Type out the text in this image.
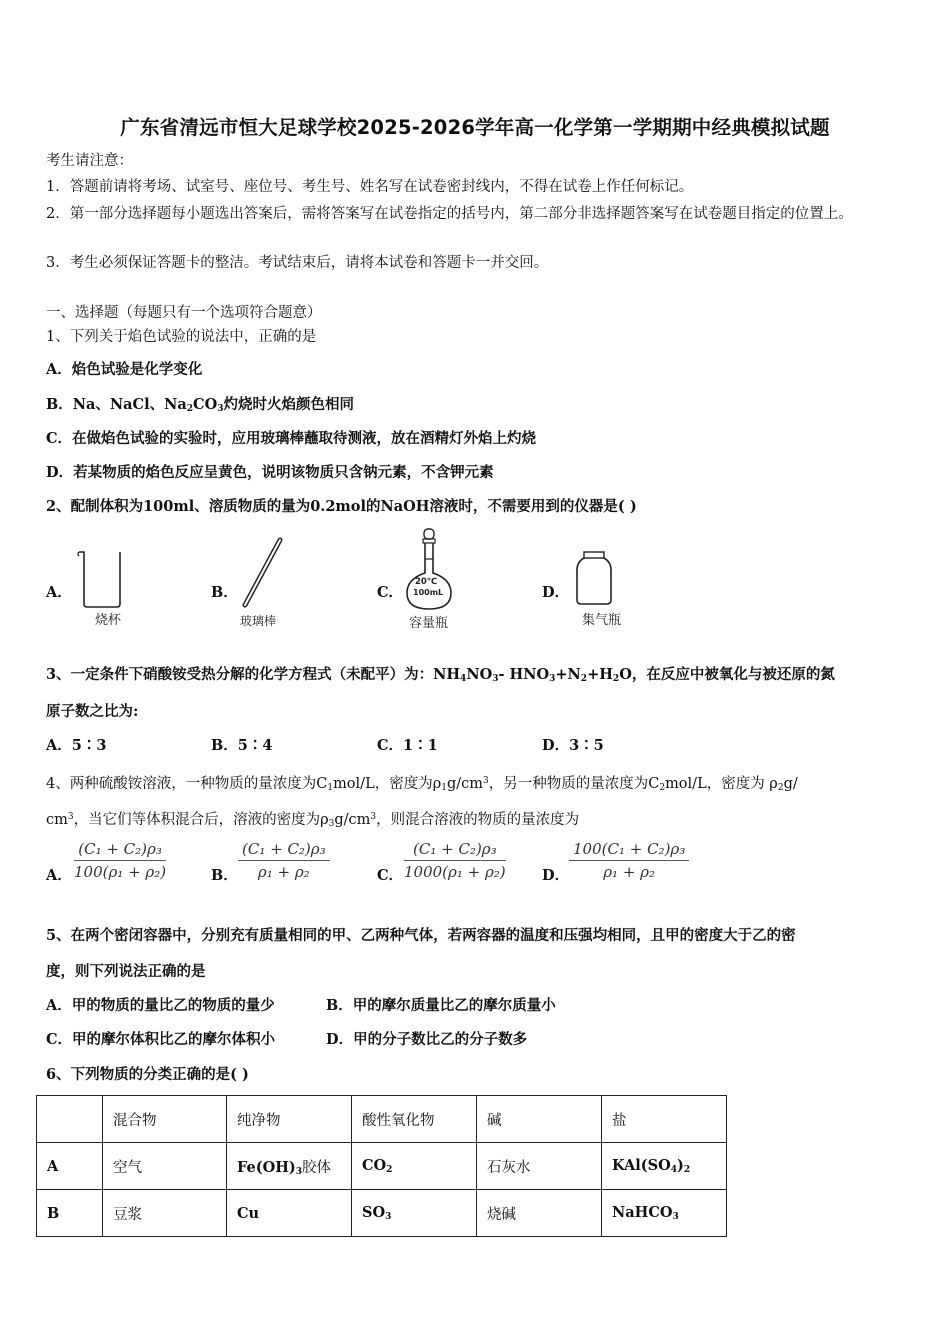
广东省清远市恒大足球学校2025-2026学年高一化学第一学期期中经典模拟试题
考生请注意：
1．答题前请将考场、试室号、座位号、考生号、姓名写在试卷密封线内，不得在试卷上作任何标记。
2．第一部分选择题每小题选出答案后，需将答案写在试卷指定的括号内，第二部分非选择题答案写在试卷题目指定的位置上。
3．考生必须保证答题卡的整洁。考试结束后，请将本试卷和答题卡一并交回。
一、选择题（每题只有一个选项符合题意）
1、下列关于焰色试验的说法中，正确的是
A．焰色试验是化学变化
B．Na、NaCl、$Na_2CO_3$灼烧时火焰颜色相同
C．在做焰色试验的实验时，应用玻璃棒蘸取待测液，放在酒精灯外焰上灼烧
D．若某物质的焰色反应呈黄色，说明该物质只含钠元素，不含钾元素
2、配制体积为100ml、溶质物质的量为0.2mol的NaOH溶液时，不需要用到的仪器是( )
A．
烧杯
B．
玻璃棒
C．
20℃
100mL
容量瓶
D．
集气瓶
3、一定条件下硝酸铵受热分解的化学方程式（未配平）为：$NH_4NO_3-$ $HNO_3+N_2+H_2O$，在反应中被氧化与被还原的氮
原子数之比为:
A．5∶3	B．5∶4	C．1∶1	D．3∶5
4、两种硫酸铵溶液，一种物质的量浓度为$C_1mol/L$，密度为$\rho_1g/cm^3$，另一种物质的量浓度为$C_2mol/L$，密度为 $\rho_2g/$
$cm^3$，当它们等体积混合后，溶液的密度为$\rho_3g/cm^3$，则混合溶液的物质的量浓度为
A． $\frac{\text{(C₁ + C₂)ρ₃}}{\text{100(ρ₁ + ρ₂)}}$	B． $\frac{\text{(C₁ + C₂)ρ₃}}{\text{ρ₁ + ρ₂}}$	C． $\frac{\text{(C₁ + C₂)ρ₃}}{\text{1000(ρ₁ + ρ₂)}}$	D． $\frac{\text{100(C₁ + C₂)ρ₃}}{\text{ρ₁ + ρ₂}}$
5、在两个密闭容器中，分别充有质量相同的甲、乙两种气体，若两容器的温度和压强均相同，且甲的密度大于乙的密
度，则下列说法正确的是
A．甲的物质的量比乙的物质的量少	B．甲的摩尔质量比乙的摩尔质量小
C．甲的摩尔体积比乙的摩尔体积小	D．甲的分子数比乙的分子数多
6、下列物质的分类正确的是( )
	混合物	纯净物	酸性氧化物	碱	盐
A	空气	$Fe(OH)_3$胶体	$CO_2$	石灰水	$KAl(SO_4)_2$
B	豆浆	Cu	$SO_3$	烧碱	NaHCO$_3$
